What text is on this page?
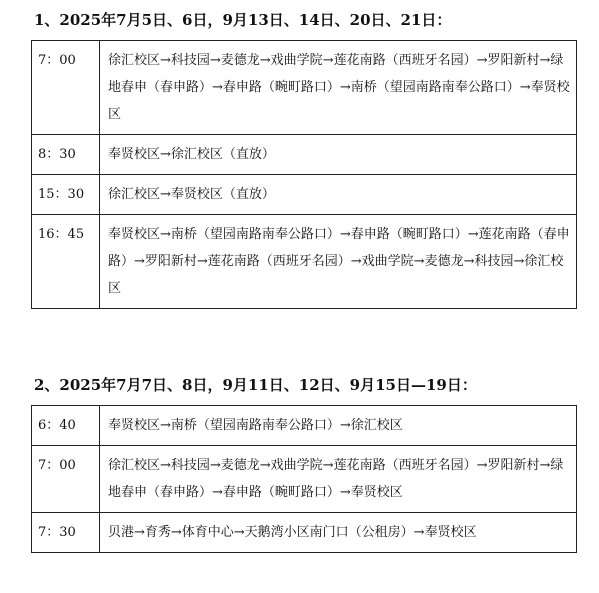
1、2025年7月5日、6日，9月13日、14日、20日、21日：
7：00	徐汇校区→科技园→麦德龙→戏曲学院→莲花南路（西班牙名园）→罗阳新村→绿地春申（春申路）→春申路（畹町路口）→南桥（望园南路南奉公路口）→奉贤校区
8：30	奉贤校区→徐汇校区（直放）
15：30	徐汇校区→奉贤校区（直放）
16：45	奉贤校区→南桥（望园南路南奉公路口）→春申路（畹町路口）→莲花南路（春申路）→罗阳新村→莲花南路（西班牙名园）→戏曲学院→麦德龙→科技园→徐汇校区
2、2025年7月7日、8日，9月11日、12日、9月15日—19日：
6：40	奉贤校区→南桥（望园南路南奉公路口）→徐汇校区
7：00	徐汇校区→科技园→麦德龙→戏曲学院→莲花南路（西班牙名园）→罗阳新村→绿地春申（春申路）→春申路（畹町路口）→奉贤校区
7：30	贝港→育秀→体育中心→天鹅湾小区南门口（公租房）→奉贤校区
